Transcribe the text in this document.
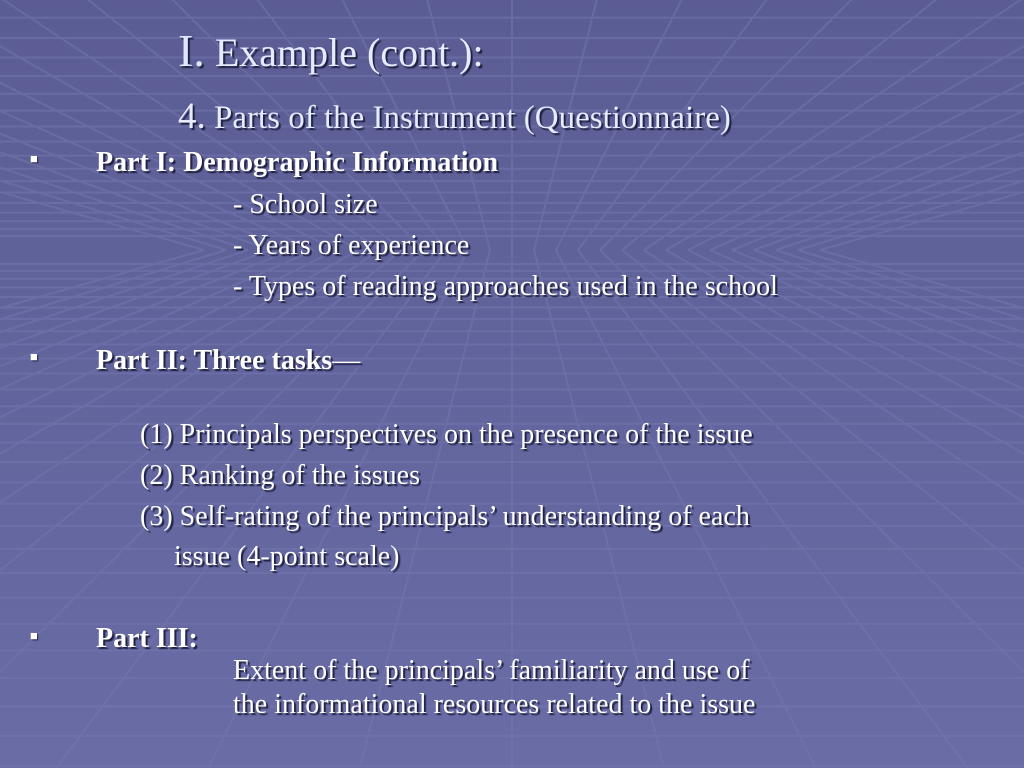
I. Example (cont.):
4. Parts of the Instrument (Questionnaire)
■ Part I: Demographic Information
- School size
- Years of experience
- Types of reading approaches used in the school
■ Part II: Three tasks—
(1) Principals perspectives on the presence of the issue
(2) Ranking of the issues
(3) Self-rating of the principals’ understanding of each
issue (4-point scale)
■ Part III:
Extent of the principals’ familiarity and use of
the informational resources related to the issue
